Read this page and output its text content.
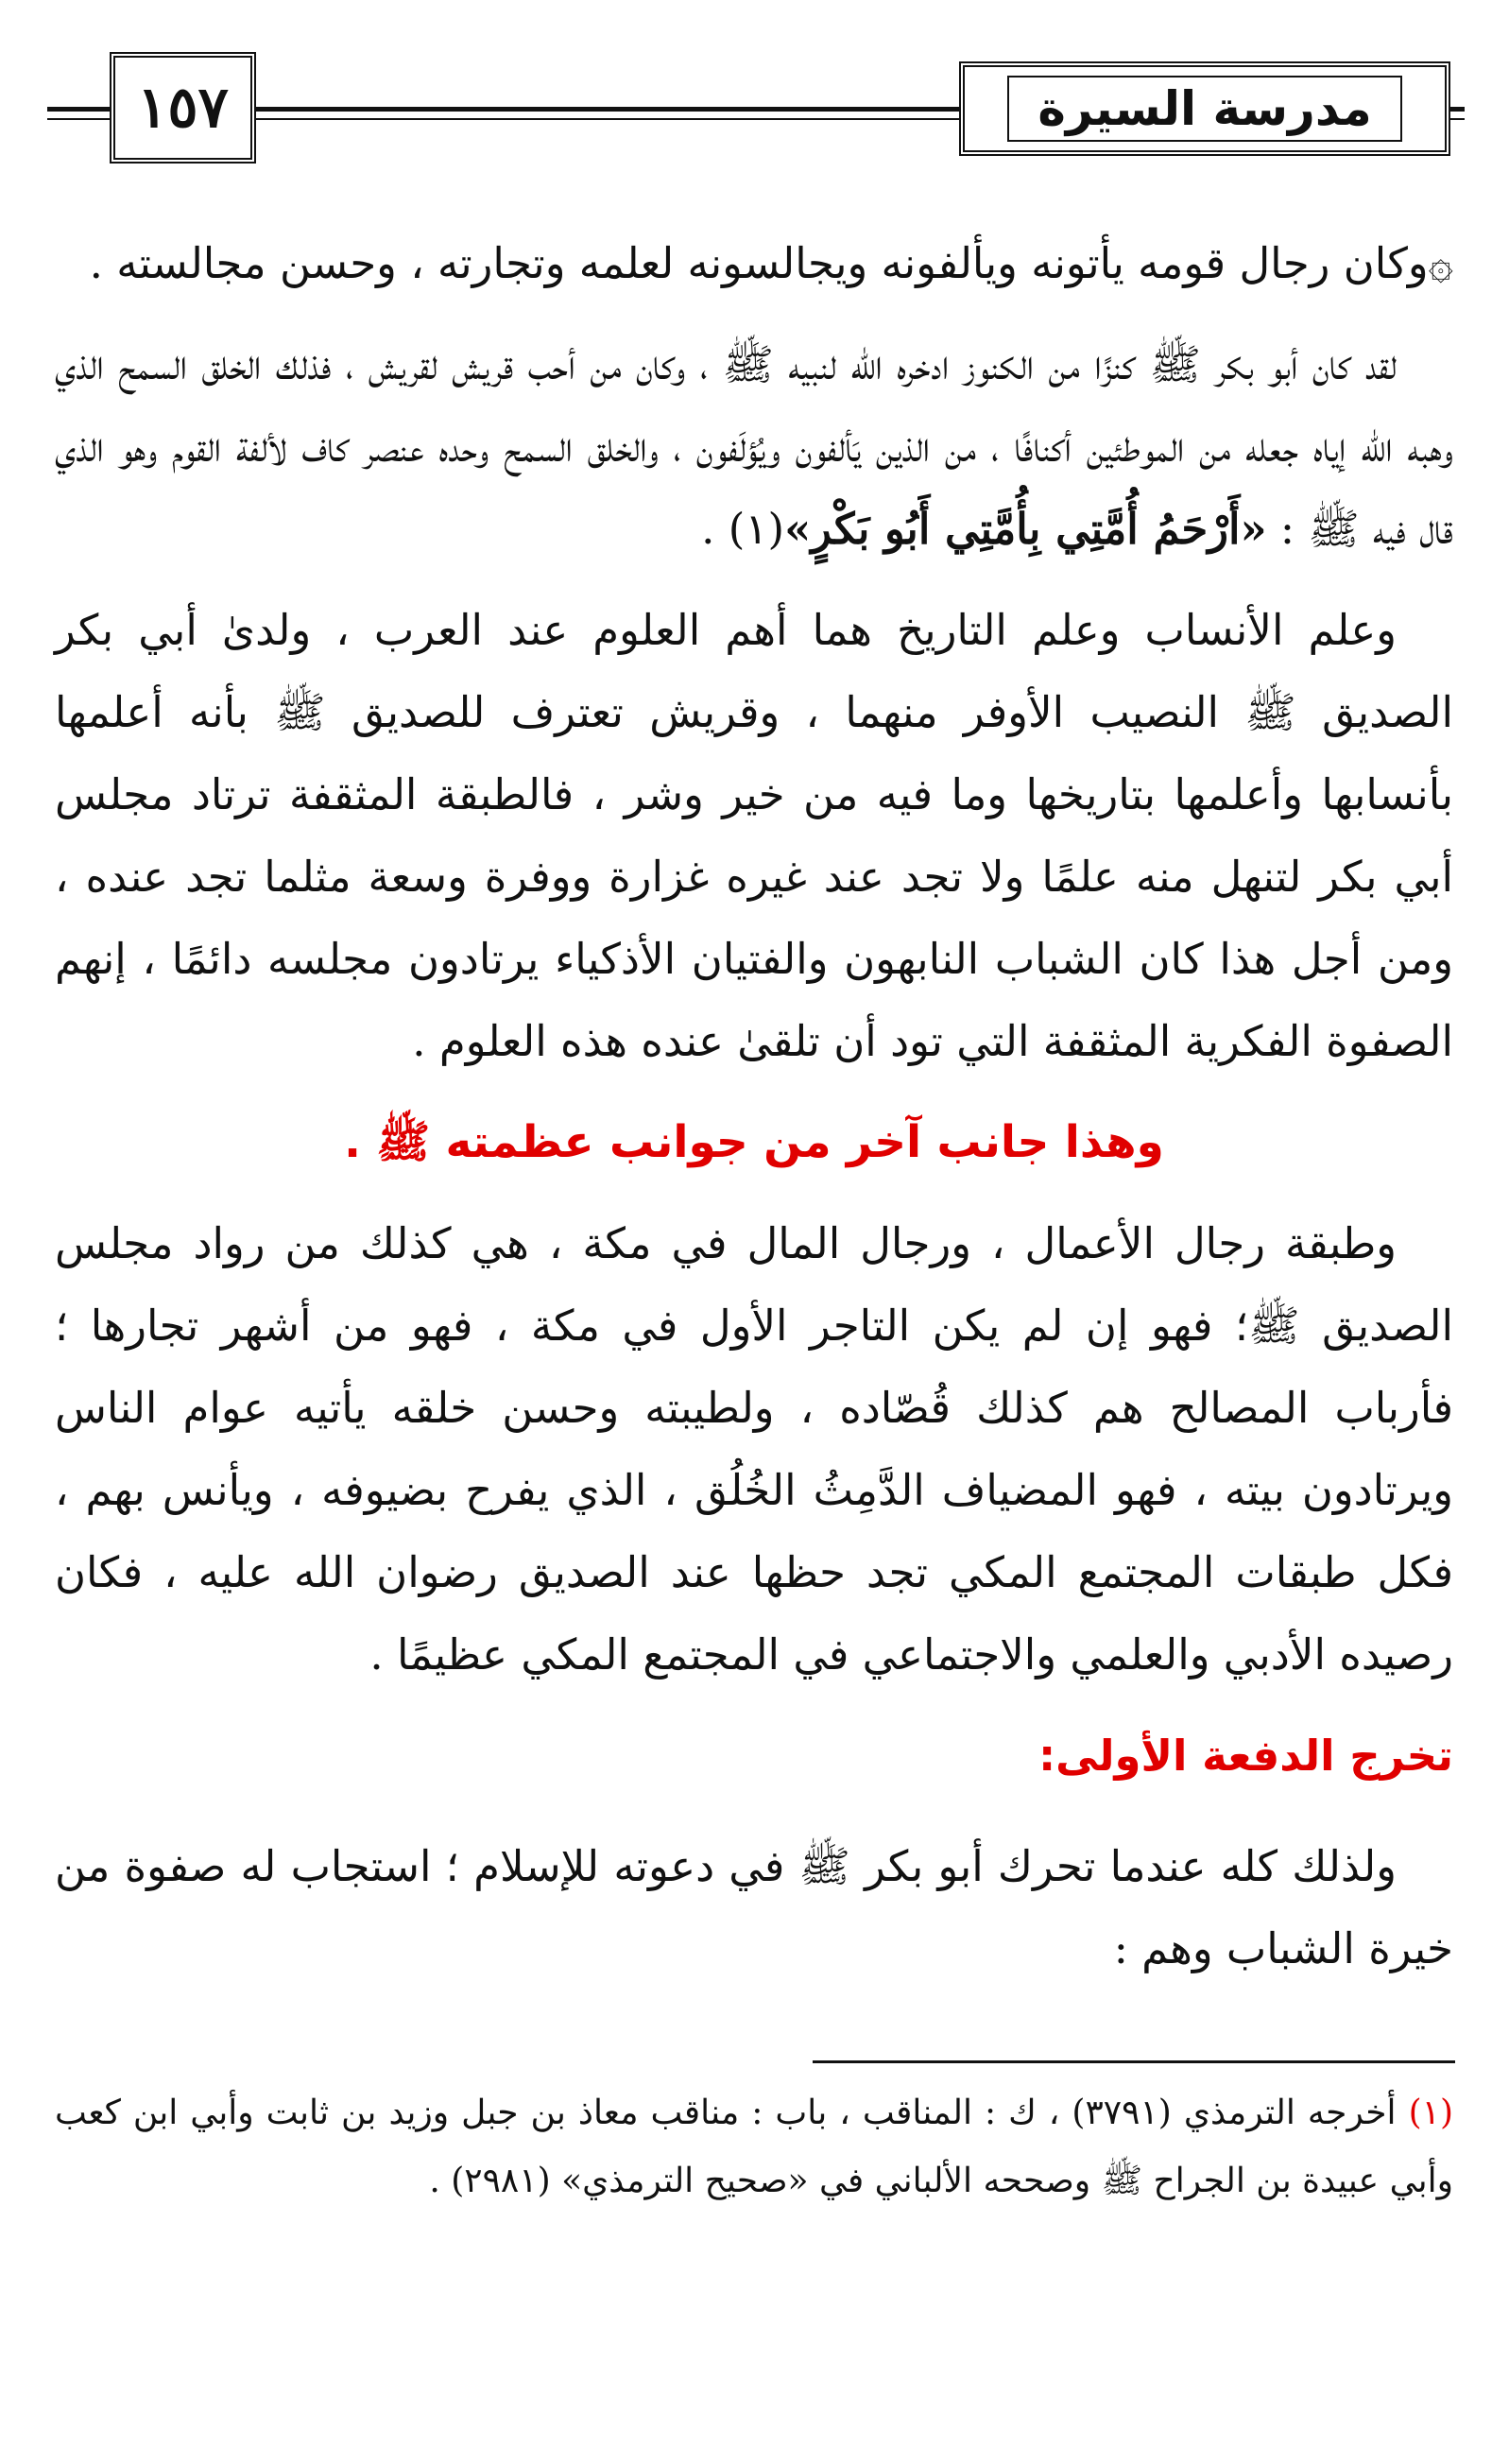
١٥٧	مدرسة السيرة

۞وكان رجال قومه يأتونه ويألفونه ويجالسونه لعلمه وتجارته ، وحسن مجالسته .

لقد كان أبو بكر ﷺ كنزًا من الكنوز ادخره الله لنبيه ﷺ ، وكان من أحب قريش لقريش ، فذلك الخلق السمح الذي وهبه الله إياه جعله من الموطئين أكنافًا ، من الذين يَألفون ويُؤلَفون ، والخلق السمح وحده عنصر كاف لألفة القوم وهو الذي قال فيه ﷺ : «أَرْحَمُ أُمَّتِي بِأُمَّتِي أَبُو بَكْرٍ»(١) .

وعلم الأنساب وعلم التاريخ هما أهم العلوم عند العرب ، ولدىٰ أبي بكر الصديق ﷺ النصيب الأوفر منهما ، وقريش تعترف للصديق ﷺ بأنه أعلمها بأنسابها وأعلمها بتاريخها وما فيه من خير وشر ، فالطبقة المثقفة ترتاد مجلس أبي بكر لتنهل منه علمًا ولا تجد عند غيره غزارة ووفرة وسعة مثلما تجد عنده ، ومن أجل هذا كان الشباب النابهون والفتيان الأذكياء يرتادون مجلسه دائمًا ، إنهم الصفوة الفكرية المثقفة التي تود أن تلقىٰ عنده هذه العلوم .

وهذا جانب آخر من جوانب عظمته ﷺ .

وطبقة رجال الأعمال ، ورجال المال في مكة ، هي كذلك من رواد مجلس الصديق ﷺ؛ فهو إن لم يكن التاجر الأول في مكة ، فهو من أشهر تجارها ؛ فأرباب المصالح هم كذلك قُصّاده ، ولطيبته وحسن خلقه يأتيه عوام الناس ويرتادون بيته ، فهو المضياف الدَّمِثُ الخُلُق ، الذي يفرح بضيوفه ، ويأنس بهم ، فكل طبقات المجتمع المكي تجد حظها عند الصديق رضوان الله عليه ، فكان رصيده الأدبي والعلمي والاجتماعي في المجتمع المكي عظيمًا .

تخرج الدفعة الأولى:

ولذلك كله عندما تحرك أبو بكر ﷺ في دعوته للإسلام ؛ استجاب له صفوة من خيرة الشباب وهم :

(١) أخرجه الترمذي (٣٧٩١) ، ك : المناقب ، باب : مناقب معاذ بن جبل وزيد بن ثابت وأبي ابن كعب وأبي عبيدة بن الجراح ﷺ وصححه الألباني في «صحيح الترمذي» (٢٩٨١) .
